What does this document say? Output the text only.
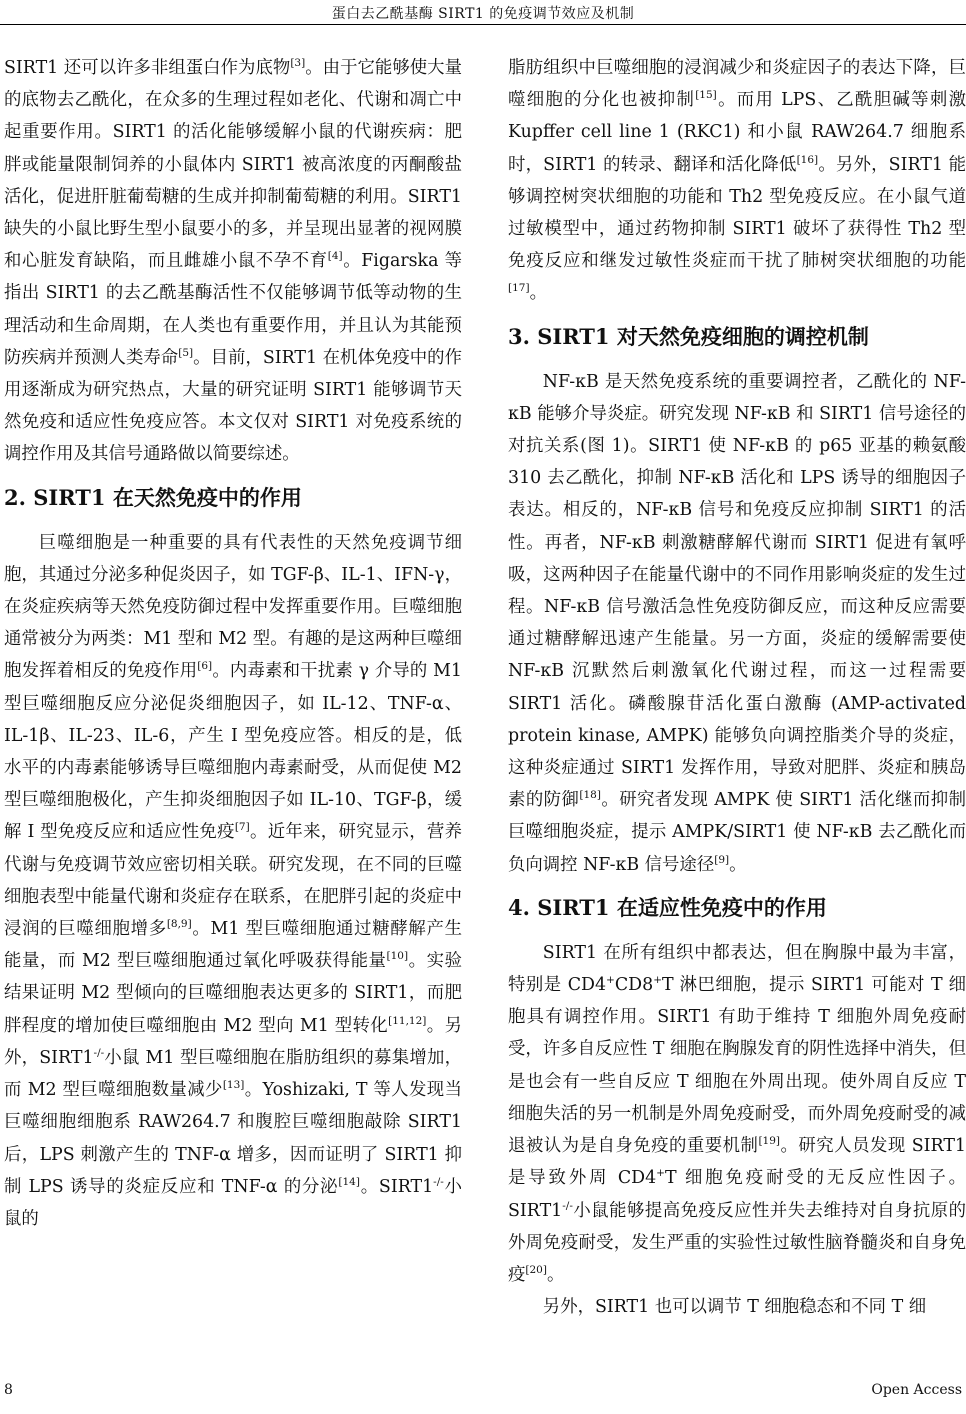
蛋白去乙酰基酶 SIRT1 的免疫调节效应及机制

SIRT1 还可以许多非组蛋白作为底物[3]。由于它能够使大量的底物去乙酰化，在众多的生理过程如老化、代谢和凋亡中起重要作用。SIRT1 的活化能够缓解小鼠的代谢疾病：肥胖或能量限制饲养的小鼠体内 SIRT1 被高浓度的丙酮酸盐活化，促进肝脏葡萄糖的生成并抑制葡萄糖的利用。SIRT1 缺失的小鼠比野生型小鼠要小的多，并呈现出显著的视网膜和心脏发育缺陷，而且雌雄小鼠不孕不育[4]。Figarska 等指出 SIRT1 的去乙酰基酶活性不仅能够调节低等动物的生理活动和生命周期，在人类也有重要作用，并且认为其能预防疾病并预测人类寿命[5]。目前，SIRT1 在机体免疫中的作用逐渐成为研究热点，大量的研究证明 SIRT1 能够调节天然免疫和适应性免疫应答。本文仅对 SIRT1 对免疫系统的调控作用及其信号通路做以简要综述。

2. SIRT1 在天然免疫中的作用

巨噬细胞是一种重要的具有代表性的天然免疫调节细胞，其通过分泌多种促炎因子，如 TGF-β、IL-1、IFN-γ，在炎症疾病等天然免疫防御过程中发挥重要作用。巨噬细胞通常被分为两类：M1 型和 M2 型。有趣的是这两种巨噬细胞发挥着相反的免疫作用[6]。内毒素和干扰素 γ 介导的 M1 型巨噬细胞反应分泌促炎细胞因子，如 IL-12、TNF-α、IL-1β、IL-23、IL-6，产生 I 型免疫应答。相反的是，低水平的内毒素能够诱导巨噬细胞内毒素耐受，从而促使 M2 型巨噬细胞极化，产生抑炎细胞因子如 IL-10、TGF-β，缓解 I 型免疫反应和适应性免疫[7]。近年来，研究显示，营养代谢与免疫调节效应密切相关联。研究发现，在不同的巨噬细胞表型中能量代谢和炎症存在联系，在肥胖引起的炎症中浸润的巨噬细胞增多[8,9]。M1 型巨噬细胞通过糖酵解产生能量，而 M2 型巨噬细胞通过氧化呼吸获得能量[10]。实验结果证明 M2 型倾向的巨噬细胞表达更多的 SIRT1，而肥胖程度的增加使巨噬细胞由 M2 型向 M1 型转化[11,12]。另外，SIRT1-/-小鼠 M1 型巨噬细胞在脂肪组织的募集增加，而 M2 型巨噬细胞数量减少[13]。Yoshizaki, T 等人发现当巨噬细胞细胞系 RAW264.7 和腹腔巨噬细胞敲除 SIRT1 后，LPS 刺激产生的 TNF-α 增多，因而证明了 SIRT1 抑制 LPS 诱导的炎症反应和 TNF-α 的分泌[14]。SIRT1-/-小鼠的

脂肪组织中巨噬细胞的浸润减少和炎症因子的表达下降，巨噬细胞的分化也被抑制[15]。而用 LPS、乙酰胆碱等刺激 Kupffer cell line 1 (RKC1) 和小鼠 RAW264.7 细胞系时，SIRT1 的转录、翻译和活化降低[16]。另外，SIRT1 能够调控树突状细胞的功能和 Th2 型免疫反应。在小鼠气道过敏模型中，通过药物抑制 SIRT1 破坏了获得性 Th2 型免疫反应和继发过敏性炎症而干扰了肺树突状细胞的功能[17]。

3. SIRT1 对天然免疫细胞的调控机制

NF-κB 是天然免疫系统的重要调控者，乙酰化的 NF-κB 能够介导炎症。研究发现 NF-κB 和 SIRT1 信号途径的对抗关系(图 1)。SIRT1 使 NF-κB 的 p65 亚基的赖氨酸 310 去乙酰化，抑制 NF-κB 活化和 LPS 诱导的细胞因子表达。相反的，NF-κB 信号和免疫反应抑制 SIRT1 的活性。再者，NF-κB 刺激糖酵解代谢而 SIRT1 促进有氧呼吸，这两种因子在能量代谢中的不同作用影响炎症的发生过程。NF-κB 信号激活急性免疫防御反应，而这种反应需要通过糖酵解迅速产生能量。另一方面，炎症的缓解需要使 NF-κB 沉默然后刺激氧化代谢过程，而这一过程需要 SIRT1 活化。磷酸腺苷活化蛋白激酶 (AMP-activated protein kinase, AMPK) 能够负向调控脂类介导的炎症，这种炎症通过 SIRT1 发挥作用，导致对肥胖、炎症和胰岛素的防御[18]。研究者发现 AMPK 使 SIRT1 活化继而抑制巨噬细胞炎症，提示 AMPK/SIRT1 使 NF-κB 去乙酰化而负向调控 NF-κB 信号途径[9]。

4. SIRT1 在适应性免疫中的作用

SIRT1 在所有组织中都表达，但在胸腺中最为丰富，特别是 CD4+CD8+T 淋巴细胞，提示 SIRT1 可能对 T 细胞具有调控作用。SIRT1 有助于维持 T 细胞外周免疫耐受，许多自反应性 T 细胞在胸腺发育的阴性选择中消失，但是也会有一些自反应 T 细胞在外周出现。使外周自反应 T 细胞失活的另一机制是外周免疫耐受，而外周免疫耐受的减退被认为是自身免疫的重要机制[19]。研究人员发现 SIRT1 是导致外周 CD4+T 细胞免疫耐受的无反应性因子。SIRT1-/-小鼠能够提高免疫反应性并失去维持对自身抗原的外周免疫耐受，发生严重的实验性过敏性脑脊髓炎和自身免疫[20]。

另外，SIRT1 也可以调节 T 细胞稳态和不同 T 细

8	Open Access
